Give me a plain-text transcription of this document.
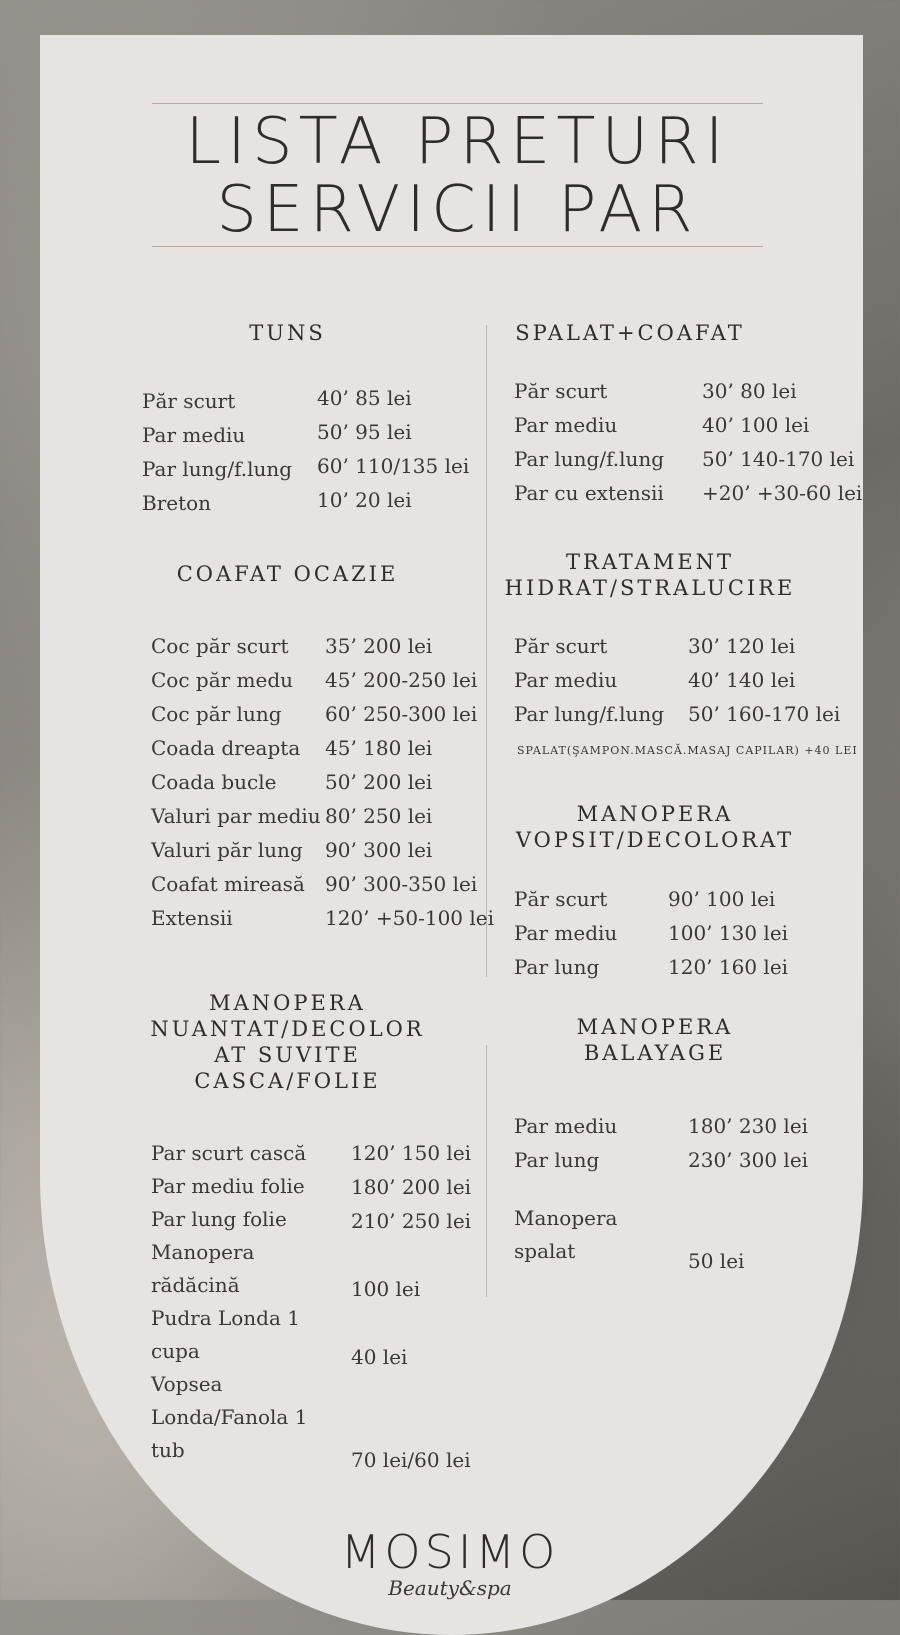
LISTA PRETURI
SERVICII PAR
TUNS
Păr scurt	40’ 85 lei
Par mediu	50’ 95 lei
Par lung/f.lung 60’ 110/135 lei
Breton	10’ 20 lei
SPALAT+COAFAT
Păr scurt	30’ 80 lei
Par mediu	40’ 100 lei
Par lung/f.lung 50’ 140-170 lei
Par cu extensii +20’ +30-60 lei
COAFAT OCAZIE
Coc păr scurt 35’ 200 lei
Coc păr medu 45’ 200-250 lei
Coc păr lung 60’ 250-300 lei
Coada dreapta 45’ 180 lei
Coada bucle 50’ 200 lei
Valuri par mediu 80’ 250 lei
Valuri păr lung 90’ 300 lei
Coafat mireasă 90’ 300-350 lei
Extensii	120’ +50-100 lei
TRATAMENT
HIDRAT/STRALUCIRE
Păr scurt	30’ 120 lei
Par mediu	40’ 140 lei
Par lung/f.lung 50’ 160-170 lei
SPALAT(ŞAMPON.MASCĂ.MASAJ CAPILAR) +40 LEI
MANOPERA
VOPSIT/DECOLORAT
Păr scurt	90’ 100 lei
Par mediu	100’ 130 lei
Par lung	120’ 160 lei
MANOPERA
NUANTAT/DECOLOR
AT SUVITE
CASCA/FOLIE
Par scurt cască 120’ 150 lei
Par mediu folie 180’ 200 lei
Par lung folie	210’ 250 lei
Manopera
rădăcină	100 lei
Pudra Londa 1
cupa	40 lei
Vopsea
Londa/Fanola 1
tub	70 lei/60 lei
MANOPERA
BALAYAGE
Par mediu	180’ 230 lei
Par lung	230’ 300 lei
Manopera
spalat	50 lei
MOSIMO
Beauty&spa
